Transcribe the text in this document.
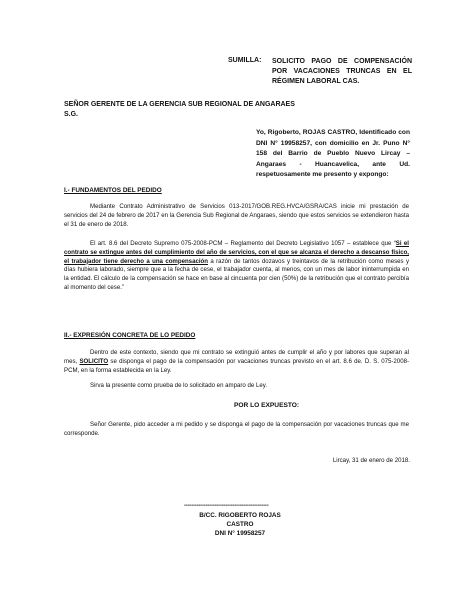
SUMILLA: SOLICITO PAGO DE COMPENSACIÓN POR VACACIONES TRUNCAS EN EL RÉGIMEN LABORAL CAS.
SEÑOR GERENTE DE LA GERENCIA SUB REGIONAL DE ANGARAES
S.G.
Yo, Rigoberto, ROJAS CASTRO, Identificado con DNI N° 19958257, con domicilio en Jr. Puno N° 158 del Barrio de Pueblo Nuevo Lircay – Angaraes - Huancavelica, ante Ud. respetuosamente me presento y expongo:
I.- FUNDAMENTOS DEL PEDIDO
Mediante Contrato Administrativo de Servicios 013-2017/GOB.REG.HVCA/GSRA/CAS inicie mi prestación de servicios del 24 de febrero de 2017 en la Gerencia Sub Regional de Angaraes, siendo que estos servicios se extendieron hasta el 31 de enero de 2018.
El art. 8.6 del Decreto Supremo 075-2008-PCM – Reglamento del Decreto Legislativo 1057 – establece que “Si el contrato se extingue antes del cumplimiento del año de servicios, con el que se alcanza el derecho a descanso físico, el trabajador tiene derecho a una compensación a razón de tantos dozavos y treintavos de la retribución como meses y días hubiera laborado, siempre que a la fecha de cese, el trabajador cuenta, al menos, con un mes de labor ininterrumpida en la entidad. El cálculo de la compensación se hace en base al cincuenta por cien (50%) de la retribución que el contrato percibía al momento del cese.”
II.- EXPRESIÓN CONCRETA DE LO PEDIDO
Dentro de este contexto, siendo que mi contrato se extinguió antes de cumplir el año y por labores que superan al mes, SOLICITO se disponga el pago de la compensación por vacaciones truncas previsto en el art. 8.6 de. D. S. 075-2008-PCM, en la forma establecida en la Ley.
Sirva la presente como prueba de lo solicitado en amparo de Ley.
POR LO EXPUESTO:
Señor Gerente, pido acceder a mi pedido y se disponga el pago de la compensación por vacaciones truncas que me corresponde.
Lircay, 31 de enero de 2018.
-----------------------------------------------
B/CC. RIGOBERTO ROJAS CASTRO
DNI N° 19958257
